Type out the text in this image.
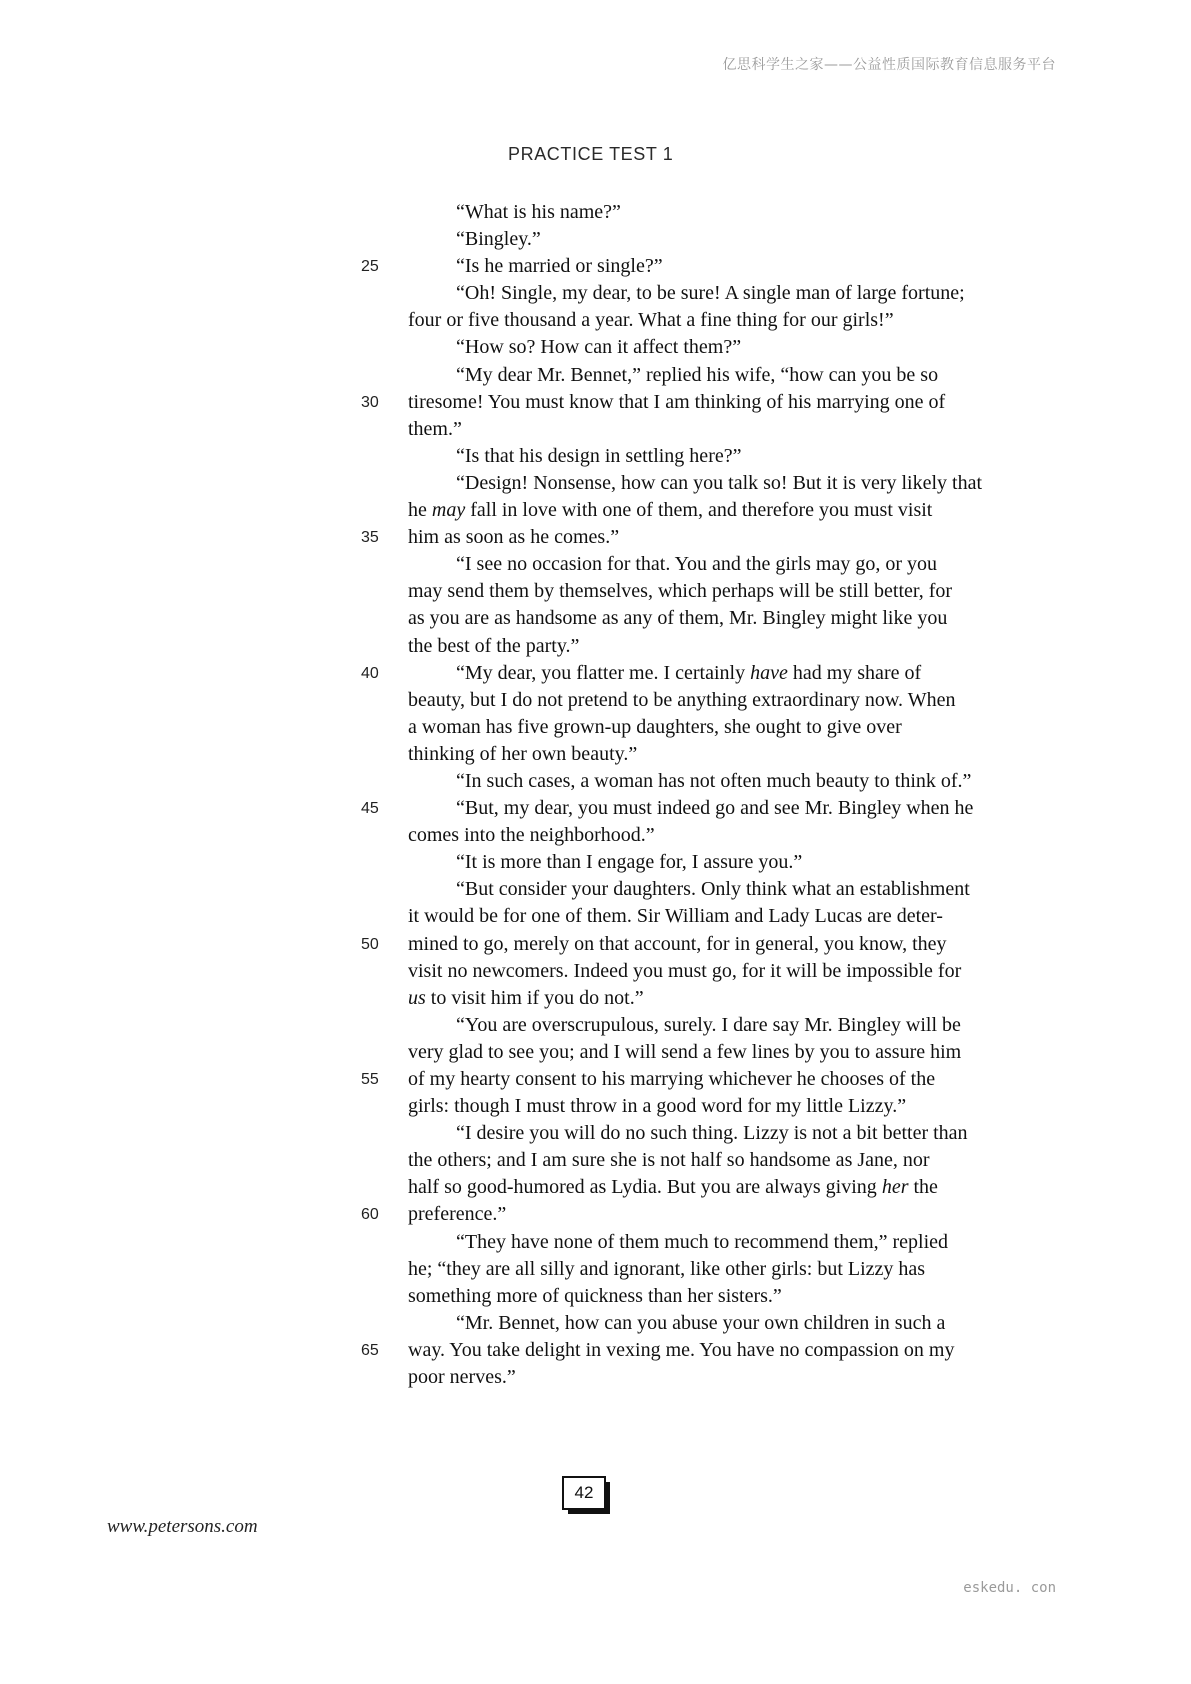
亿思科学生之家——公益性质国际教育信息服务平台
PRACTICE TEST 1
“What is his name?”
“Bingley.”
25	“Is he married or single?”
“Oh! Single, my dear, to be sure! A single man of large fortune;
four or five thousand a year. What a fine thing for our girls!”
“How so? How can it affect them?”
“My dear Mr. Bennet,” replied his wife, “how can you be so
30 tiresome! You must know that I am thinking of his marrying one of
them.”
“Is that his design in settling here?”
“Design! Nonsense, how can you talk so! But it is very likely that
he may fall in love with one of them, and therefore you must visit
35 him as soon as he comes.”
“I see no occasion for that. You and the girls may go, or you
may send them by themselves, which perhaps will be still better, for
as you are as handsome as any of them, Mr. Bingley might like you
the best of the party.”
40	“My dear, you flatter me. I certainly have had my share of
beauty, but I do not pretend to be anything extraordinary now. When
a woman has five grown-up daughters, she ought to give over
thinking of her own beauty.”
“In such cases, a woman has not often much beauty to think of.”
45	“But, my dear, you must indeed go and see Mr. Bingley when he
comes into the neighborhood.”
“It is more than I engage for, I assure you.”
“But consider your daughters. Only think what an establishment
it would be for one of them. Sir William and Lady Lucas are deter-
50 mined to go, merely on that account, for in general, you know, they
visit no newcomers. Indeed you must go, for it will be impossible for
us to visit him if you do not.”
“You are overscrupulous, surely. I dare say Mr. Bingley will be
very glad to see you; and I will send a few lines by you to assure him
55 of my hearty consent to his marrying whichever he chooses of the
girls: though I must throw in a good word for my little Lizzy.”
“I desire you will do no such thing. Lizzy is not a bit better than
the others; and I am sure she is not half so handsome as Jane, nor
half so good-humored as Lydia. But you are always giving her the
60 preference.”
“They have none of them much to recommend them,” replied
he; “they are all silly and ignorant, like other girls: but Lizzy has
something more of quickness than her sisters.”
“Mr. Bennet, how can you abuse your own children in such a
65 way. You take delight in vexing me. You have no compassion on my
poor nerves.”
42
www.petersons.com
eskedu. con
